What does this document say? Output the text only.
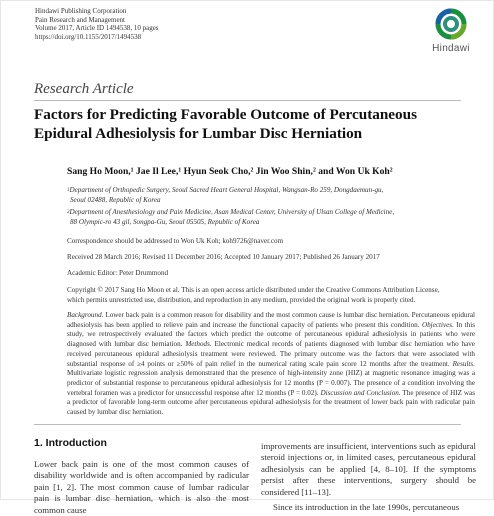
Hindawi Publishing Corporation
Pain Research and Management
Volume 2017, Article ID 1494538, 10 pages
https://doi.org/10.1155/2017/1494538
Hindawi
Research Article
Factors for Predicting Favorable Outcome of Percutaneous
Epidural Adhesiolysis for Lumbar Disc Herniation
Sang Ho Moon,¹ Jae Il Lee,¹ Hyun Seok Cho,² Jin Woo Shin,² and Won Uk Koh²
$^1$Department of Orthopedic Surgery, Seoul Sacred Heart General Hospital, Wangsan-Ro 259, Dongdaemun-gu,
Seoul 02488, Republic of Korea
$^2$Department of Anesthesiology and Pain Medicine, Asan Medical Center, University of Ulsan College of Medicine,
88 Olympic-ro 43 gil, Songpa-Gu, Seoul 05505, Republic of Korea
Correspondence should be addressed to Won Uk Koh; koh9726@naver.com
Received 28 March 2016; Revised 11 December 2016; Accepted 10 January 2017; Published 26 January 2017
Academic Editor: Peter Drummond
Copyright © 2017 Sang Ho Moon et al. This is an open access article distributed under the Creative Commons Attribution License,
which permits unrestricted use, distribution, and reproduction in any medium, provided the original work is properly cited.
Background. Lower back pain is a common reason for disability and the most common cause is lumbar disc herniation. Percutaneous epidural adhesiolysis has been applied to relieve pain and increase the functional capacity of patients who present this condition. Objectives. In this study, we retrospectively evaluated the factors which predict the outcome of percutaneous epidural adhesiolysis in patients who were diagnosed with lumbar disc herniation. Methods. Electronic medical records of patients diagnosed with lumbar disc herniation who have received percutaneous epidural adhesiolysis treatment were reviewed. The primary outcome was the factors that were associated with substantial response of ≥4 points or ≥50% of pain relief in the numerical rating scale pain score 12 months after the treatment. Results. Multivariate logistic regression analysis demonstrated that the presence of high-intensity zone (HIZ) at magnetic resonance imaging was a predictor of substantial response to percutaneous epidural adhesiolysis for 12 months (P = 0.007). The presence of a condition involving the vertebral foramen was a predictor for unsuccessful response after 12 months (P = 0.02). Discussion and Conclusion. The presence of HIZ was a predictor of favorable long-term outcome after percutaneous epidural adhesiolysis for the treatment of lower back pain with radicular pain caused by lumbar disc herniation.
1. Introduction
Lower back pain is one of the most common causes of disability worldwide and is often accompanied by radicular pain [1, 2]. The most common cause of lumbar radicular pain is lumbar disc herniation, which is also the most common cause
improvements are insufficient, interventions such as epidural steroid injections or, in limited cases, percutaneous epidural adhesiolysis can be applied [4, 8–10]. If the symptoms persist after these interventions, surgery should be considered [11–13].
Since its introduction in the late 1990s, percutaneous
